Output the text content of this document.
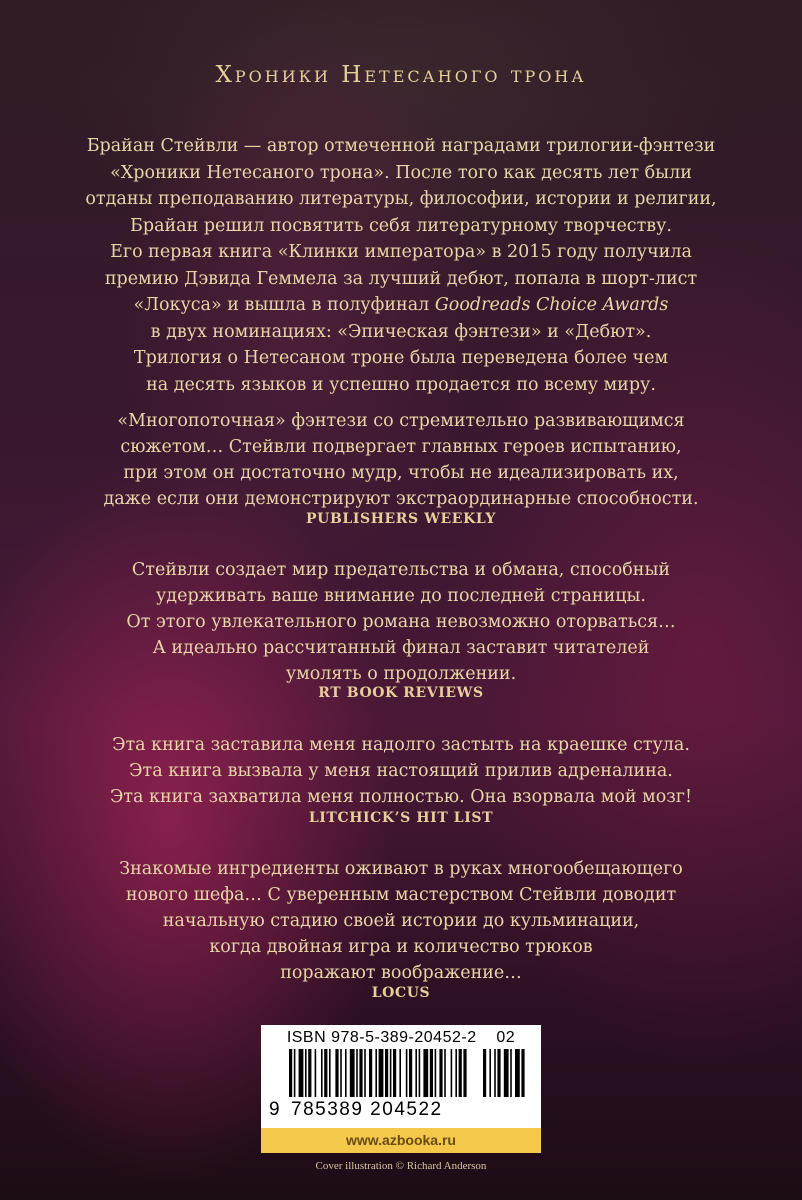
Хроники Нетесаного трона
Брайан Стейвли — автор отмеченной наградами трилогии-фэнтези
«Хроники Нетесаного трона». После того как десять лет были
отданы преподаванию литературы, философии, истории и религии,
Брайан решил посвятить себя литературному творчеству.
Его первая книга «Клинки императора» в 2015 году получила
премию Дэвида Геммела за лучший дебют, попала в шорт-лист
«Локуса» и вышла в полуфинал Goodreads Choice Awards
в двух номинациях: «Эпическая фэнтези» и «Дебют».
Трилогия о Нетесаном троне была переведена более чем
на десять языков и успешно продается по всему миру.
«Многопоточная» фэнтези со стремительно развивающимся
сюжетом… Стейвли подвергает главных героев испытанию,
при этом он достаточно мудр, чтобы не идеализировать их,
даже если они демонстрируют экстраординарные способности.
PUBLISHERS WEEKLY
Стейвли создает мир предательства и обмана, способный
удерживать ваше внимание до последней страницы.
От этого увлекательного романа невозможно оторваться…
А идеально рассчитанный финал заставит читателей
умолять о продолжении.
RT BOOK REVIEWS
Эта книга заставила меня надолго застыть на краешке стула.
Эта книга вызвала у меня настоящий прилив адреналина.
Эта книга захватила меня полностью. Она взорвала мой мозг!
LITCHICK’S HIT LIST
Знакомые ингредиенты оживают в руках многообещающего
нового шефа… С уверенным мастерством Стейвли доводит
начальную стадию своей истории до кульминации,
когда двойная игра и количество трюков
поражают воображение…
LOCUS
ISBN 978-5-389-20452-2 02
9 785389 204522
www.azbooka.ru
Cover illustration © Richard Anderson
